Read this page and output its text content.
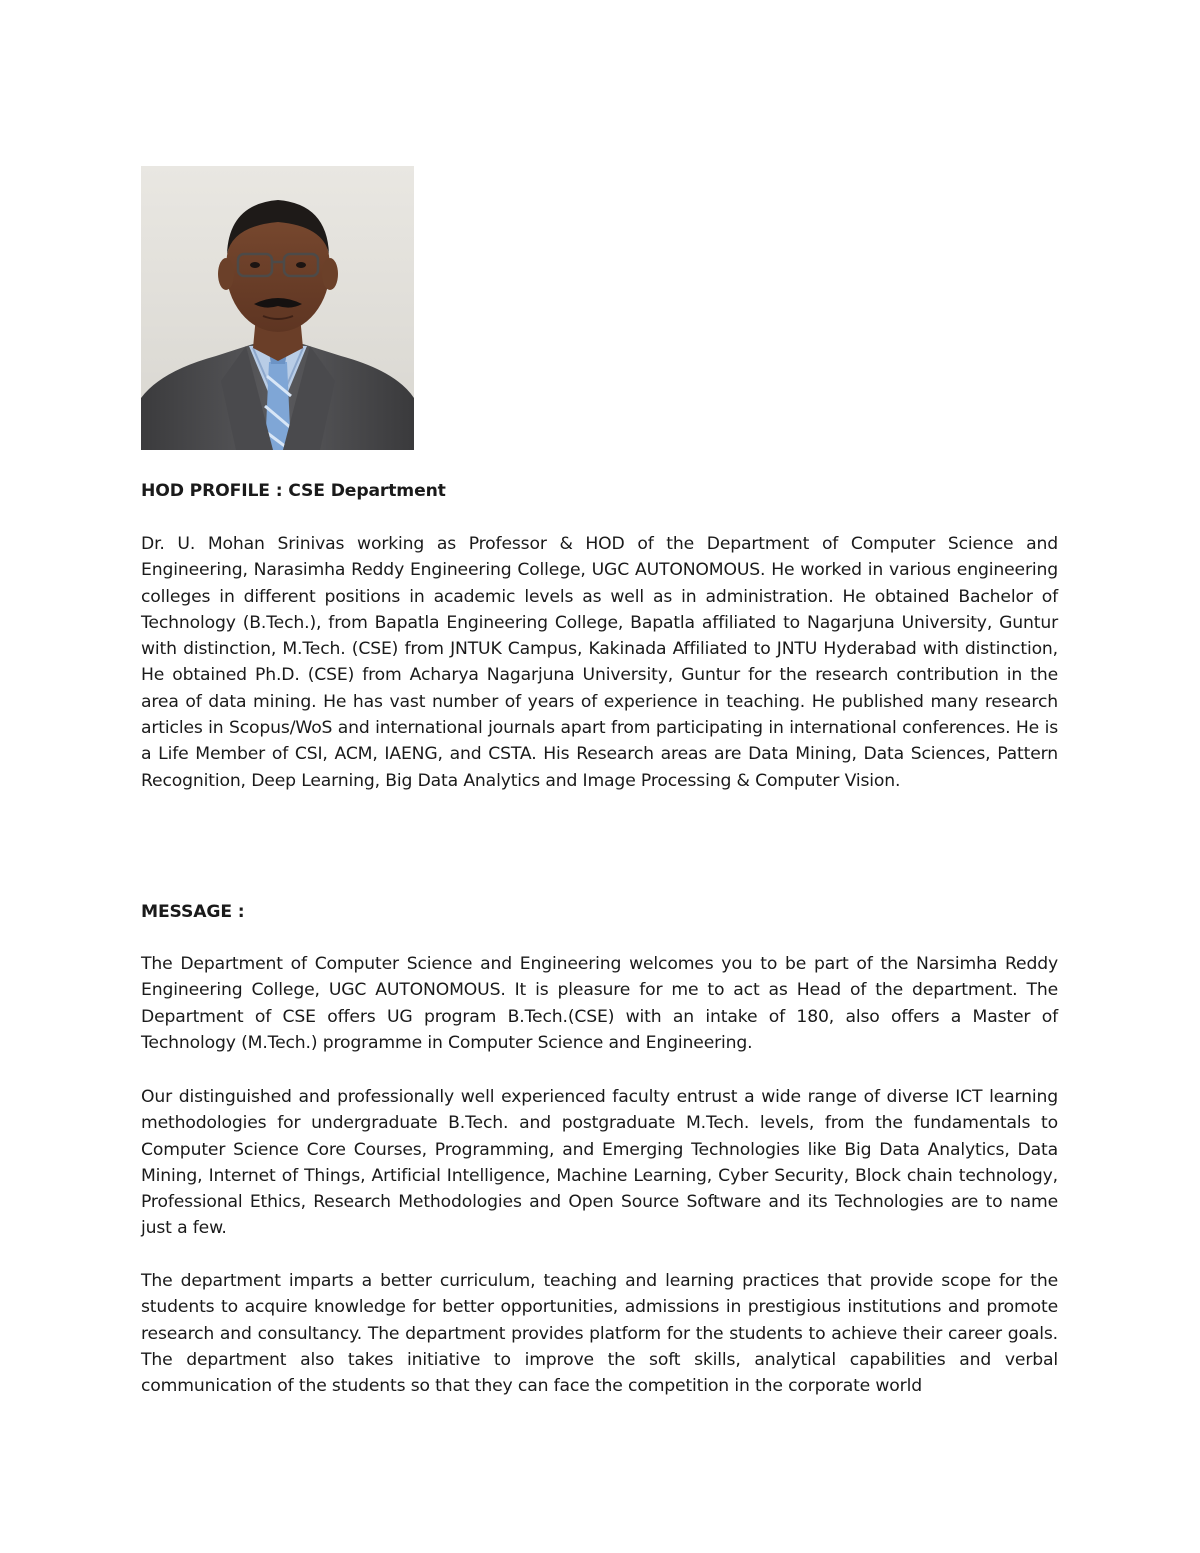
HOD PROFILE : CSE Department

Dr. U. Mohan Srinivas working as Professor & HOD of the Department of Computer Science and Engineering, Narasimha Reddy Engineering College, UGC AUTONOMOUS. He worked in various engineering colleges in different positions in academic levels as well as in administration. He obtained Bachelor of Technology (B.Tech.), from Bapatla Engineering College, Bapatla affiliated to Nagarjuna University, Guntur with distinction, M.Tech. (CSE) from JNTUK Campus, Kakinada Affiliated to JNTU Hyderabad with distinction, He obtained Ph.D. (CSE) from Acharya Nagarjuna University, Guntur for the research contribution in the area of data mining. He has vast number of years of experience in teaching. He published many research articles in Scopus/WoS and international journals apart from participating in international conferences. He is a Life Member of CSI, ACM, IAENG, and CSTA. His Research areas are Data Mining, Data Sciences, Pattern Recognition, Deep Learning, Big Data Analytics and Image Processing & Computer Vision.

MESSAGE :

The Department of Computer Science and Engineering welcomes you to be part of the Narsimha Reddy Engineering College, UGC AUTONOMOUS. It is pleasure for me to act as Head of the department. The Department of CSE offers UG program B.Tech.(CSE) with an intake of 180, also offers a Master of Technology (M.Tech.) programme in Computer Science and Engineering.

Our distinguished and professionally well experienced faculty entrust a wide range of diverse ICT learning methodologies for undergraduate B.Tech. and postgraduate M.Tech. levels, from the fundamentals to Computer Science Core Courses, Programming, and Emerging Technologies like Big Data Analytics, Data Mining, Internet of Things, Artificial Intelligence, Machine Learning, Cyber Security, Block chain technology, Professional Ethics, Research Methodologies and Open Source Software and its Technologies are to name just a few.

The department imparts a better curriculum, teaching and learning practices that provide scope for the students to acquire knowledge for better opportunities, admissions in prestigious institutions and promote research and consultancy. The department provides platform for the students to achieve their career goals. The department also takes initiative to improve the soft skills, analytical capabilities and verbal communication of the students so that they can face the competition in the corporate world
